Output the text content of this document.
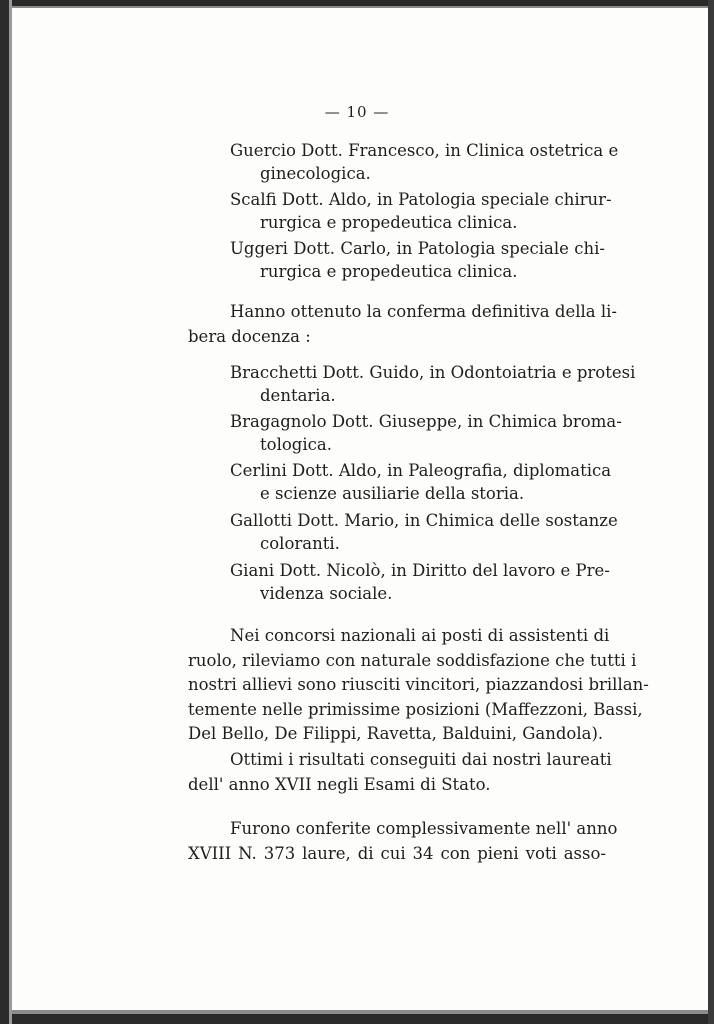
— 10 —
Guercio Dott. Francesco, in Clinica ostetrica e
ginecologica.
Scalfi Dott. Aldo, in Patologia speciale chirur-
rurgica e propedeutica clinica.
Uggeri Dott. Carlo, in Patologia speciale chi-
rurgica e propedeutica clinica.
Hanno ottenuto la conferma definitiva della li-
bera docenza :
Bracchetti Dott. Guido, in Odontoiatria e protesi
dentaria.
Bragagnolo Dott. Giuseppe, in Chimica broma-
tologica.
Cerlini Dott. Aldo, in Paleografia, diplomatica
e scienze ausiliarie della storia.
Gallotti Dott. Mario, in Chimica delle sostanze
coloranti.
Giani Dott. Nicolò, in Diritto del lavoro e Pre-
videnza sociale.
Nei concorsi nazionali ai posti di assistenti di
ruolo, rileviamo con naturale soddisfazione che tutti i
nostri allievi sono riusciti vincitori, piazzandosi brillan-
temente nelle primissime posizioni (Maffezzoni, Bassi,
Del Bello, De Filippi, Ravetta, Balduini, Gandola).
Ottimi i risultati conseguiti dai nostri laureati
dell' anno XVII negli Esami di Stato.
Furono conferite complessivamente nell' anno
XVIII N. 373 laure, di cui 34 con pieni voti asso-
